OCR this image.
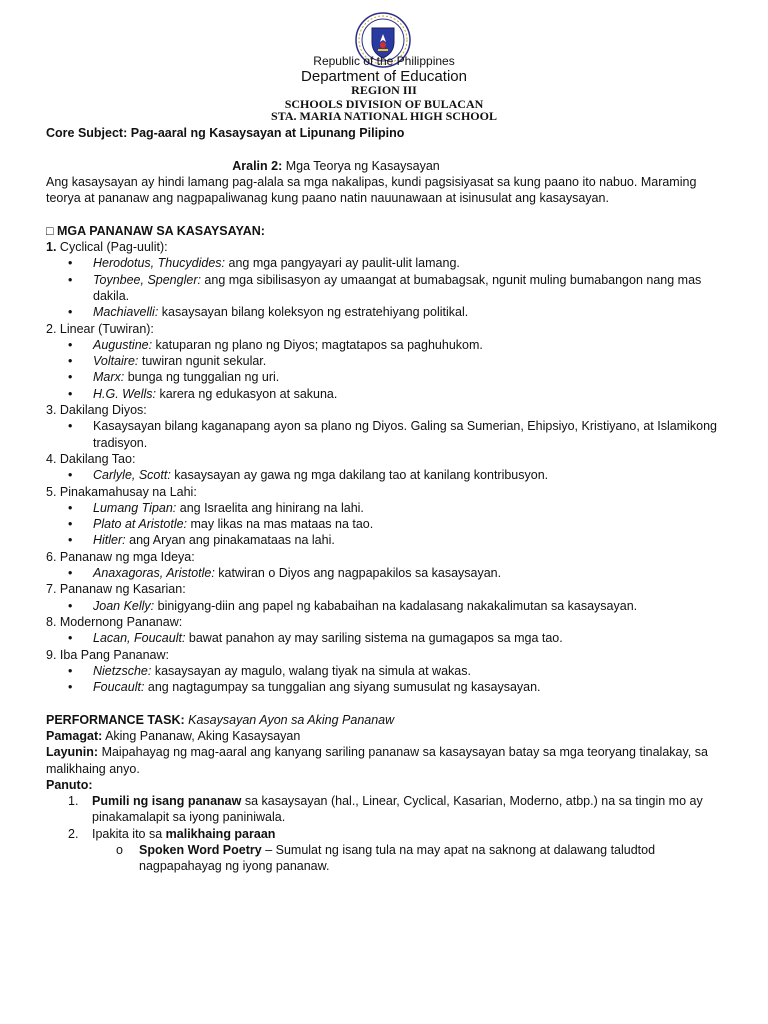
Republic of the Philippines
Department of Education
REGION III
SCHOOLS DIVISION OF BULACAN
STA. MARIA NATIONAL HIGH SCHOOL
Core Subject: Pag-aaral ng Kasaysayan at Lipunang Pilipino
Aralin 2: Mga Teorya ng Kasaysayan
Ang kasaysayan ay hindi lamang pag-alala sa mga nakalipas, kundi pagsisiyasat sa kung paano ito nabuo. Maraming
teorya at pananaw ang nagpapaliwanag kung paano natin nauunawaan at isinusulat ang kasaysayan.
□ MGA PANANAW SA KASAYSAYAN:
1. Cyclical (Pag-uulit):
• Herodotus, Thucydides: ang mga pangyayari ay paulit-ulit lamang.
• Toynbee, Spengler: ang mga sibilisasyon ay umaangat at bumabagsak, ngunit muling bumabangon nang mas
dakila.
• Machiavelli: kasaysayan bilang koleksyon ng estratehiyang politikal.
2. Linear (Tuwiran):
• Augustine: katuparan ng plano ng Diyos; magtatapos sa paghuhukom.
• Voltaire: tuwiran ngunit sekular.
• Marx: bunga ng tunggalian ng uri.
• H.G. Wells: karera ng edukasyon at sakuna.
3. Dakilang Diyos:
• Kasaysayan bilang kaganapang ayon sa plano ng Diyos. Galing sa Sumerian, Ehipsiyo, Kristiyano, at Islamikong
tradisyon.
4. Dakilang Tao:
• Carlyle, Scott: kasaysayan ay gawa ng mga dakilang tao at kanilang kontribusyon.
5. Pinakamahusay na Lahi:
• Lumang Tipan: ang Israelita ang hinirang na lahi.
• Plato at Aristotle: may likas na mas mataas na tao.
• Hitler: ang Aryan ang pinakamataas na lahi.
6. Pananaw ng mga Ideya:
• Anaxagoras, Aristotle: katwiran o Diyos ang nagpapakilos sa kasaysayan.
7. Pananaw ng Kasarian:
• Joan Kelly: binigyang-diin ang papel ng kababaihan na kadalasang nakakalimutan sa kasaysayan.
8. Modernong Pananaw:
• Lacan, Foucault: bawat panahon ay may sariling sistema na gumagapos sa mga tao.
9. Iba Pang Pananaw:
• Nietzsche: kasaysayan ay magulo, walang tiyak na simula at wakas.
• Foucault: ang nagtagumpay sa tunggalian ang siyang sumusulat ng kasaysayan.
PERFORMANCE TASK: Kasaysayan Ayon sa Aking Pananaw
Pamagat: Aking Pananaw, Aking Kasaysayan
Layunin: Maipahayag ng mag-aaral ang kanyang sariling pananaw sa kasaysayan batay sa mga teoryang tinalakay, sa
malikhaing anyo.
Panuto:
1. Pumili ng isang pananaw sa kasaysayan (hal., Linear, Cyclical, Kasarian, Moderno, atbp.) na sa tingin mo ay
pinakamalapit sa iyong paniniwala.
2. Ipakita ito sa malikhaing paraan
o Spoken Word Poetry – Sumulat ng isang tula na may apat na saknong at dalawang taludtod
nagpapahayag ng iyong pananaw.
